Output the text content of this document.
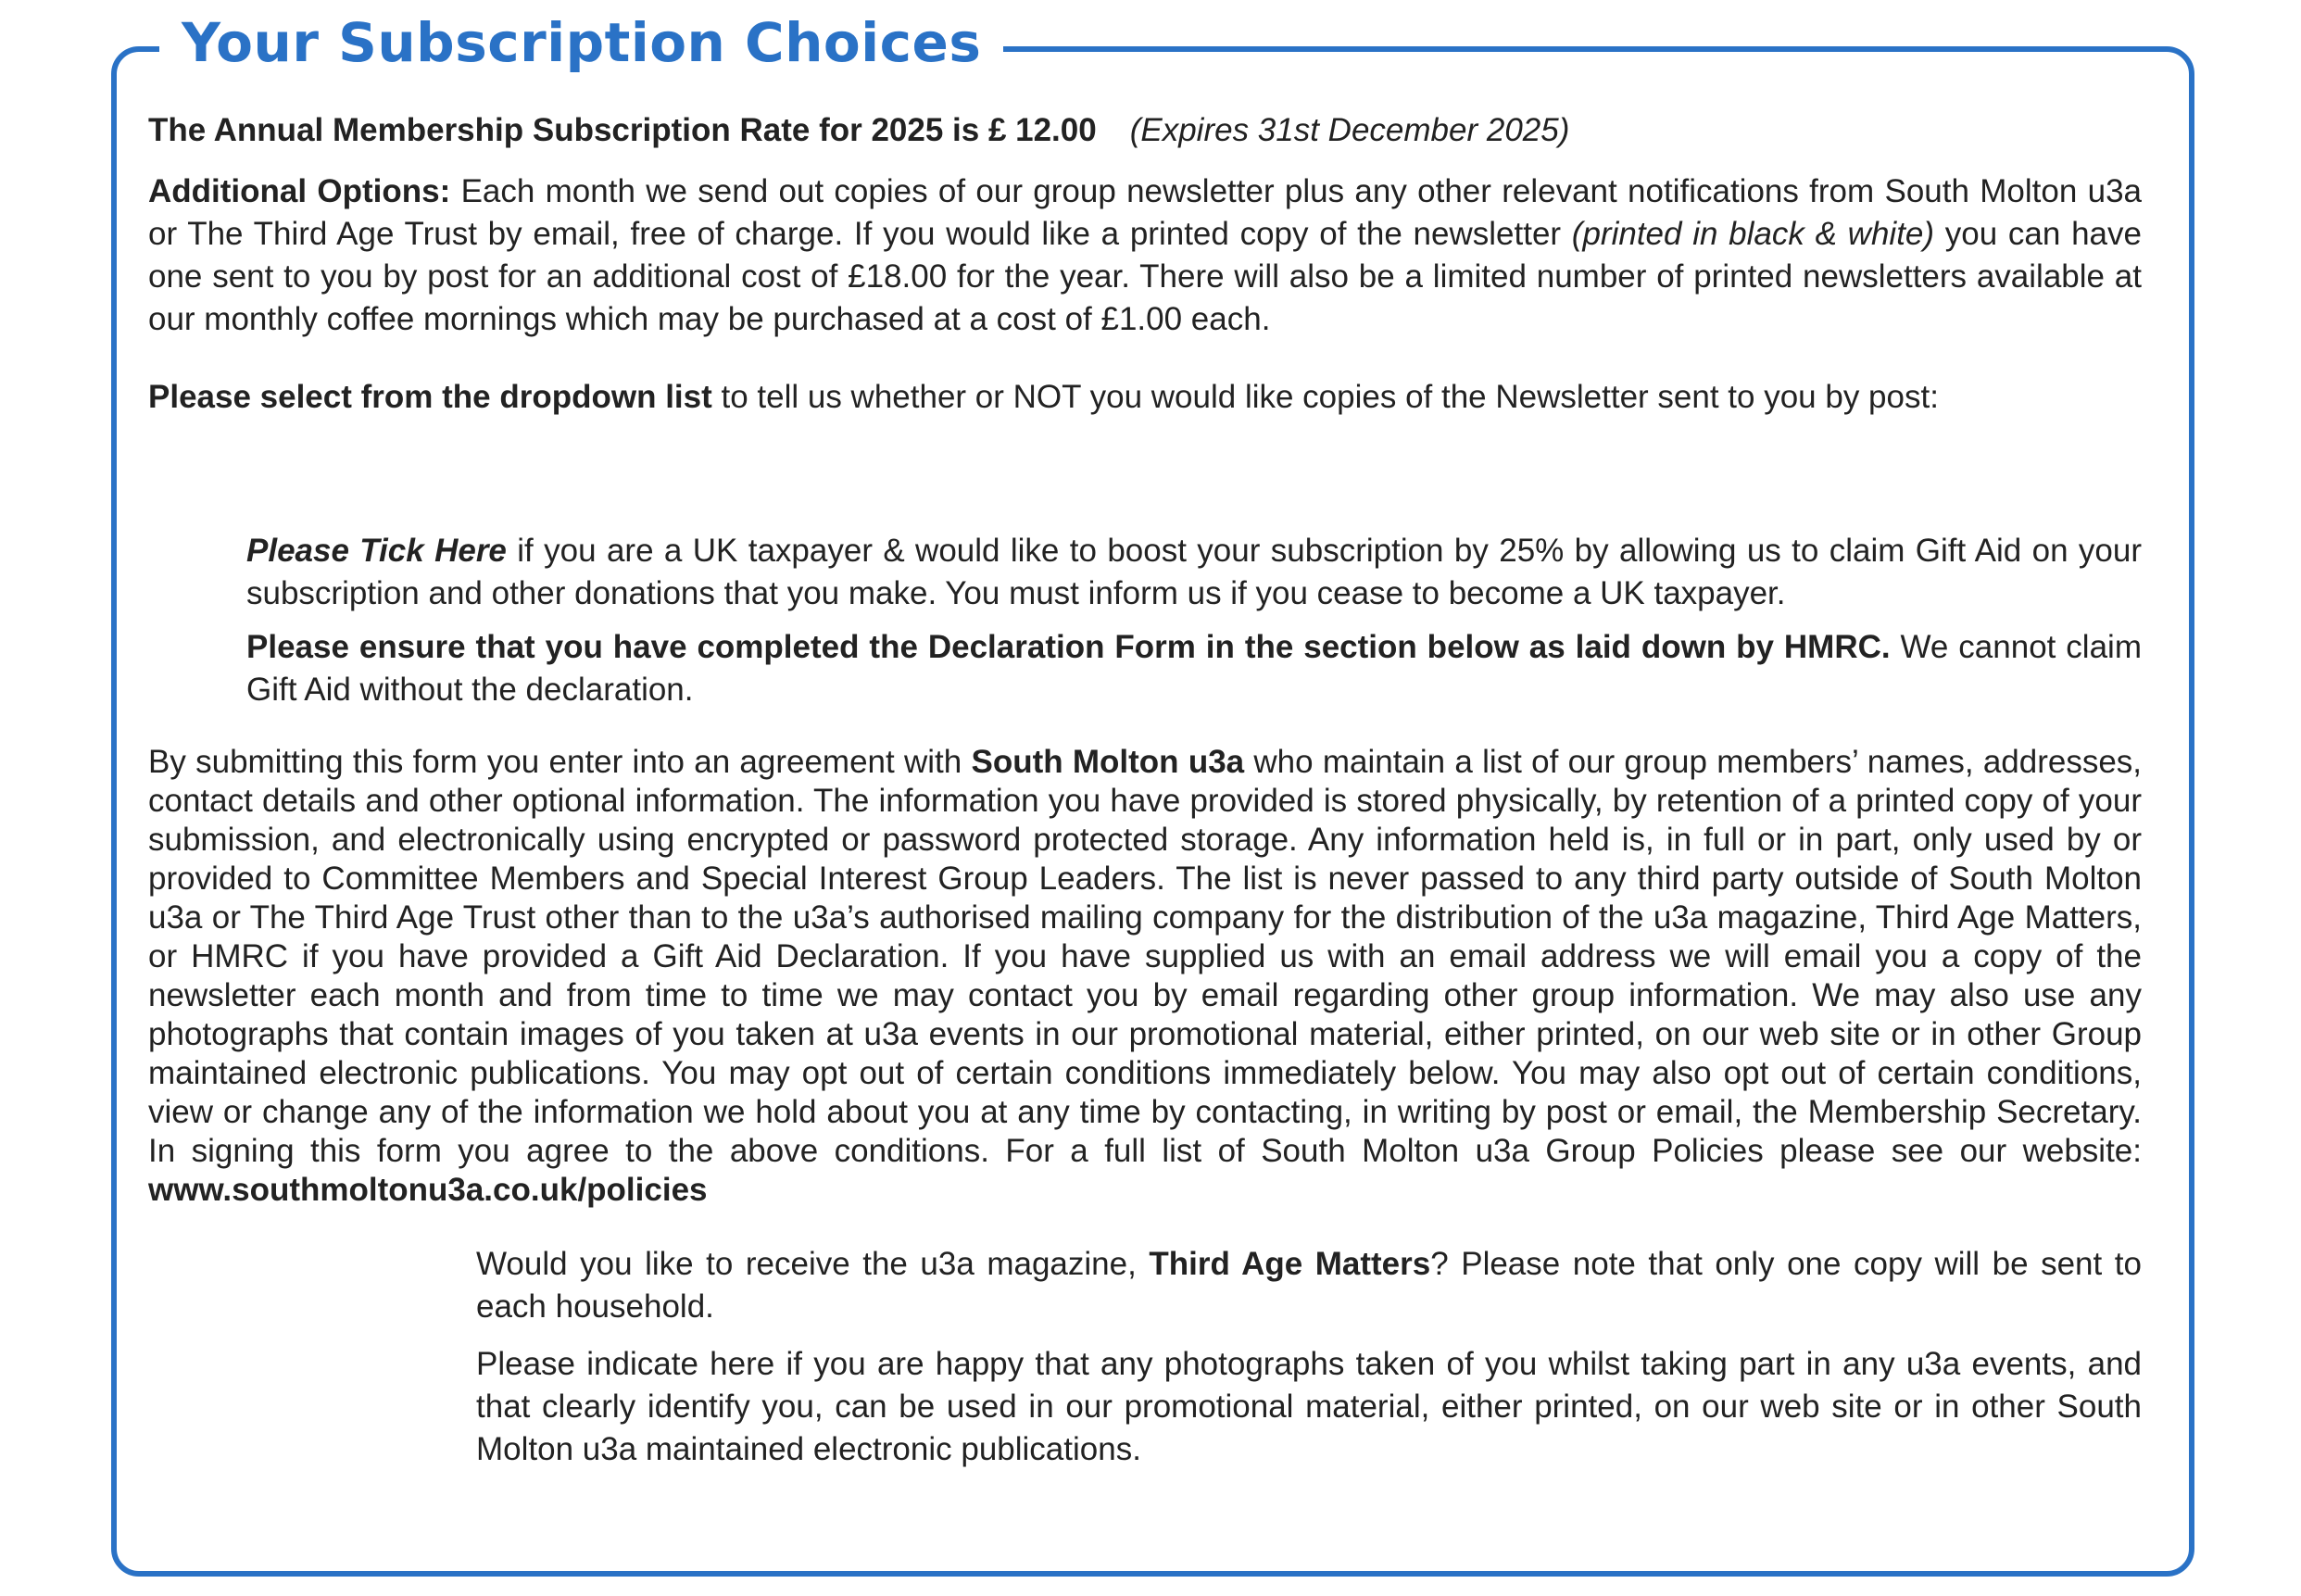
Your Subscription Choices

The Annual Membership Subscription Rate for 2025 is £ 12.00 (Expires 31st December 2025)

Additional Options: Each month we send out copies of our group newsletter plus any other relevant notifications from South Molton u3a or The Third Age Trust by email, free of charge. If you would like a printed copy of the newsletter (printed in black & white) you can have one sent to you by post for an additional cost of £18.00 for the year. There will also be a limited number of printed newsletters available at our monthly coffee mornings which may be purchased at a cost of £1.00 each.

Please select from the dropdown list to tell us whether or NOT you would like copies of the Newsletter sent to you by post:

Please Tick Here if you are a UK taxpayer & would like to boost your subscription by 25% by allowing us to claim Gift Aid on your subscription and other donations that you make. You must inform us if you cease to become a UK taxpayer.

Please ensure that you have completed the Declaration Form in the section below as laid down by HMRC. We cannot claim Gift Aid without the declaration.

By submitting this form you enter into an agreement with South Molton u3a who maintain a list of our group members’ names, addresses, contact details and other optional information. The information you have provided is stored physically, by retention of a printed copy of your submission, and electronically using encrypted or password protected storage. Any information held is, in full or in part, only used by or provided to Committee Members and Special Interest Group Leaders. The list is never passed to any third party outside of South Molton u3a or The Third Age Trust other than to the u3a’s authorised mailing company for the distribution of the u3a magazine, Third Age Matters, or HMRC if you have provided a Gift Aid Declaration. If you have supplied us with an email address we will email you a copy of the newsletter each month and from time to time we may contact you by email regarding other group information. We may also use any photographs that contain images of you taken at u3a events in our promotional material, either printed, on our web site or in other Group maintained electronic publications. You may opt out of certain conditions immediately below. You may also opt out of certain conditions, view or change any of the information we hold about you at any time by contacting, in writing by post or email, the Membership Secretary. In signing this form you agree to the above conditions. For a full list of South Molton u3a Group Policies please see our website: www.southmoltonu3a.co.uk/policies

Would you like to receive the u3a magazine, Third Age Matters? Please note that only one copy will be sent to each household.

Please indicate here if you are happy that any photographs taken of you whilst taking part in any u3a events, and that clearly identify you, can be used in our promotional material, either printed, on our web site or in other South Molton u3a maintained electronic publications.
